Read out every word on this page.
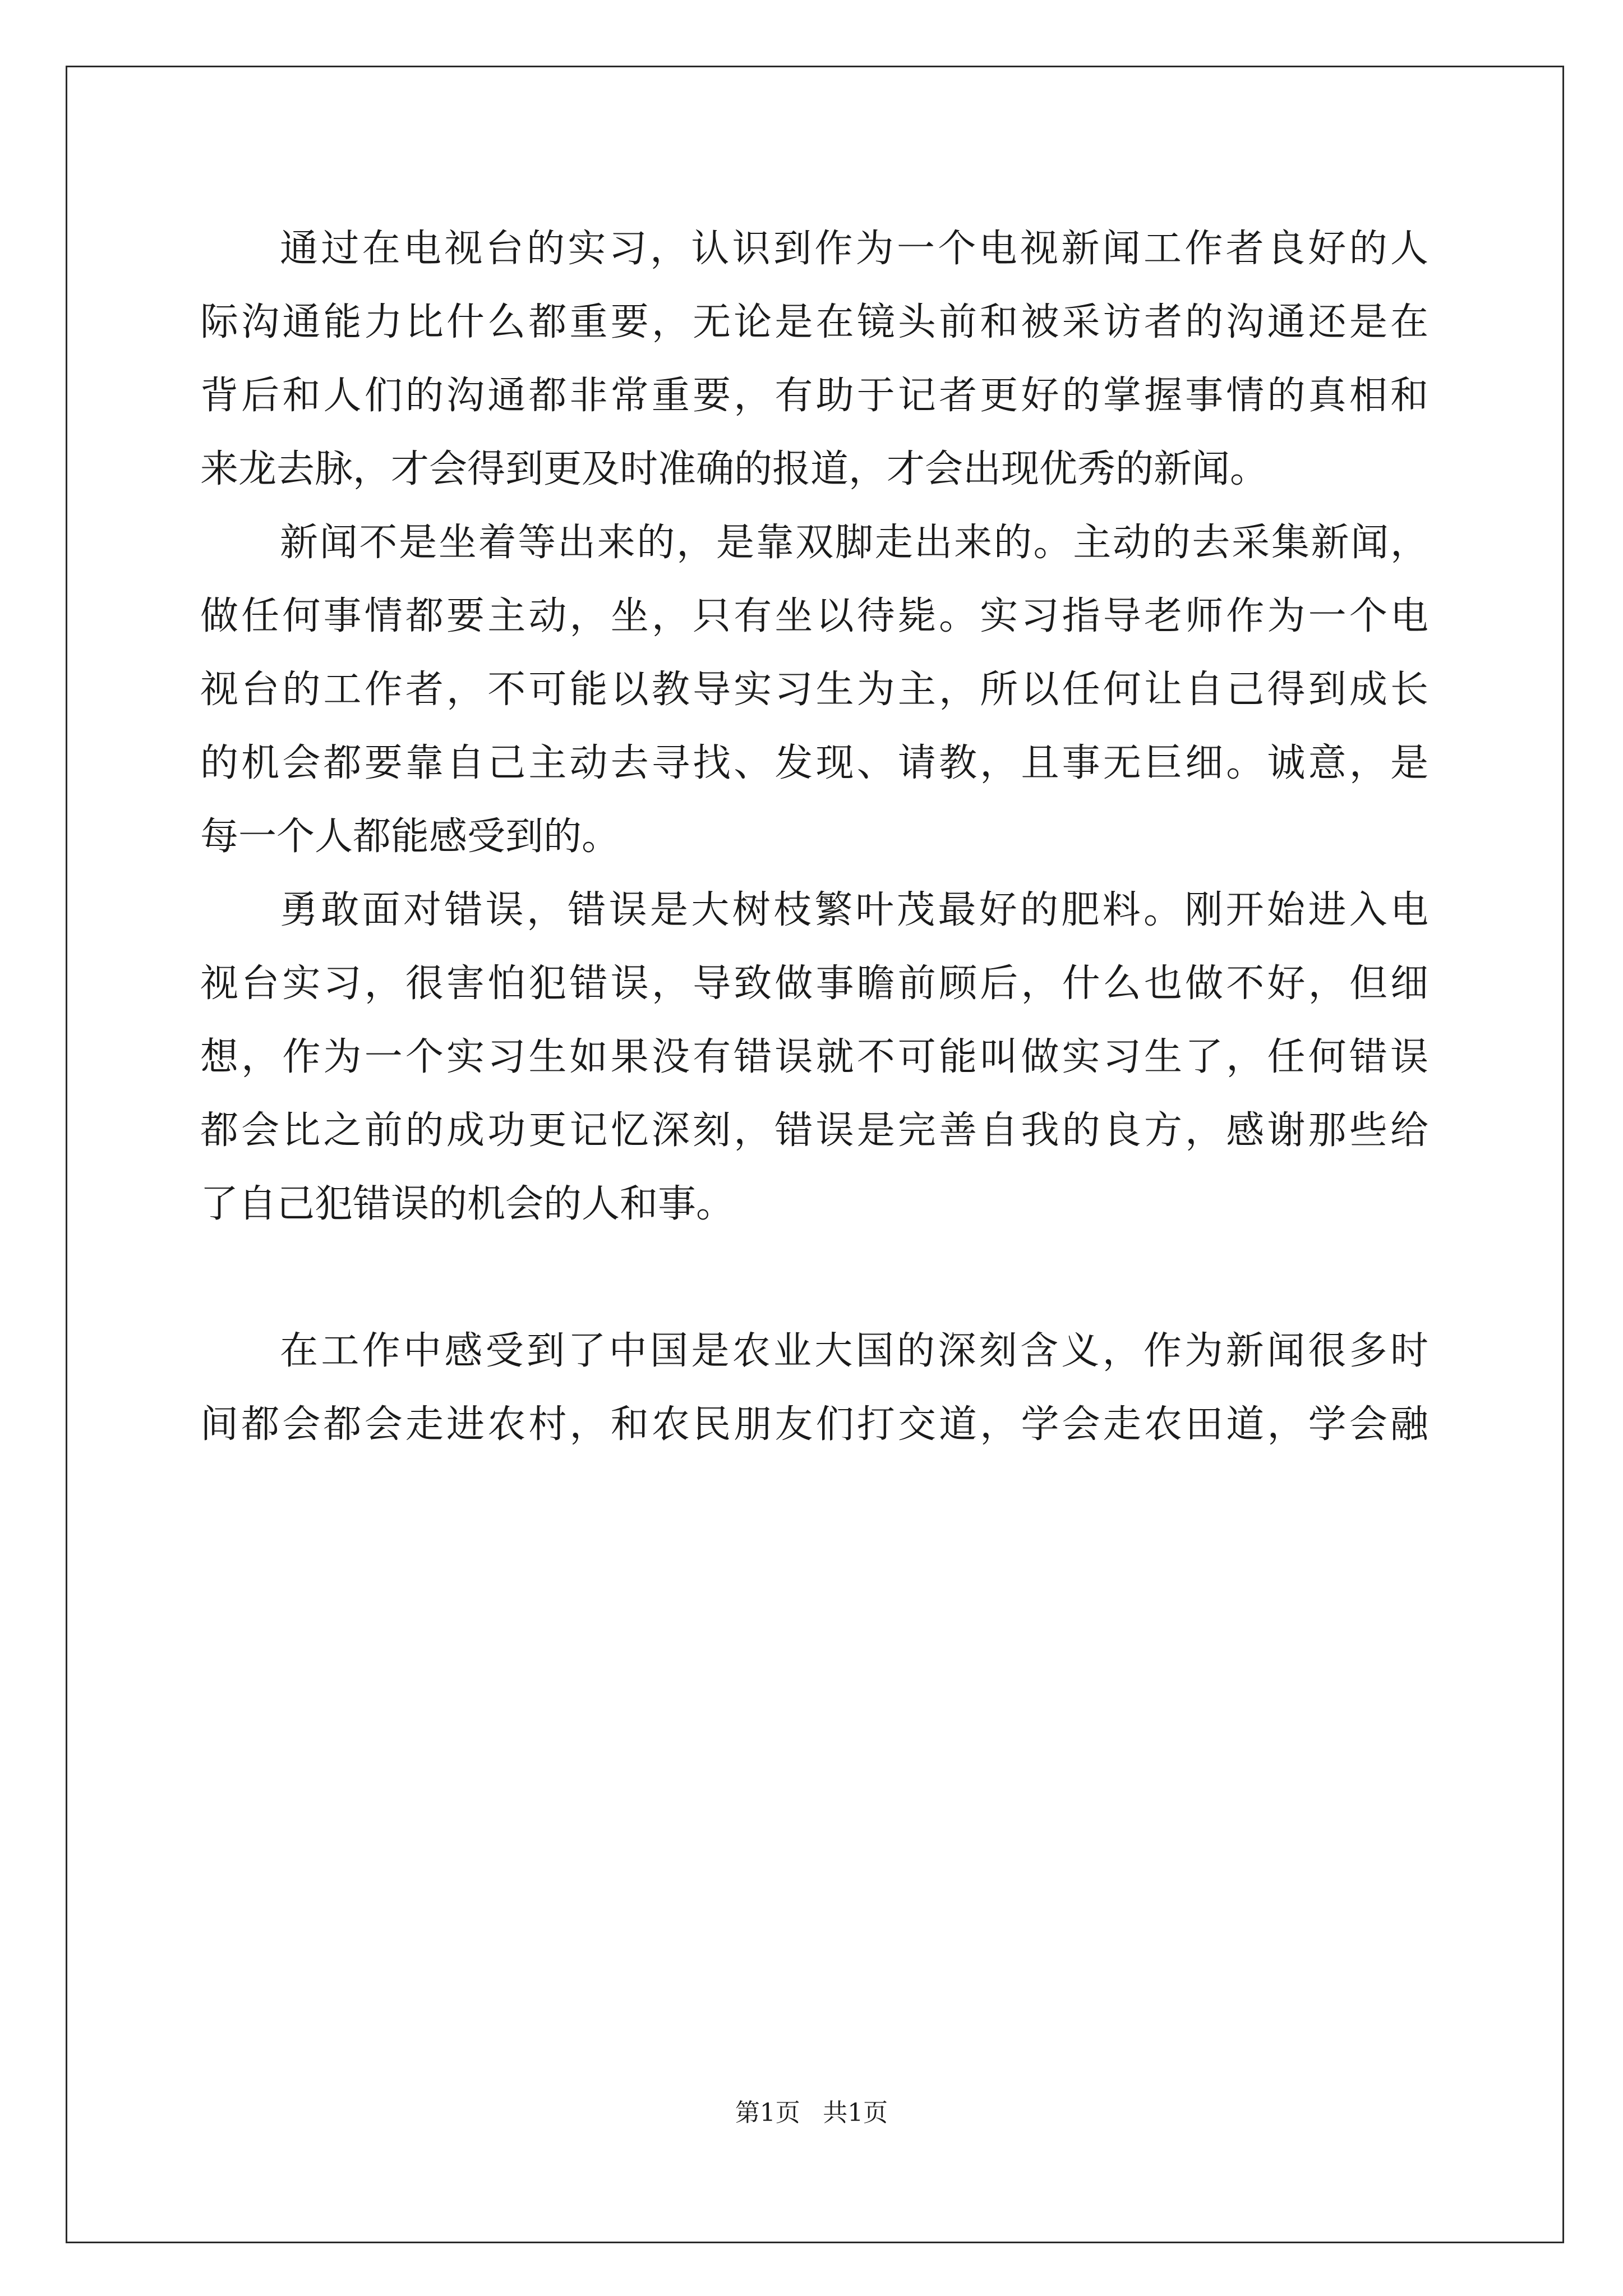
通过在电视台的实习，认识到作为一个电视新闻工作者良好的人
际沟通能力比什么都重要，无论是在镜头前和被采访者的沟通还是在
背后和人们的沟通都非常重要，有助于记者更好的掌握事情的真相和
来龙去脉，才会得到更及时准确的报道，才会出现优秀的新闻。
新闻不是坐着等出来的，是靠双脚走出来的。主动的去采集新闻，
做任何事情都要主动，坐，只有坐以待毙。实习指导老师作为一个电
视台的工作者，不可能以教导实习生为主，所以任何让自己得到成长
的机会都要靠自己主动去寻找、发现、请教，且事无巨细。诚意，是
每一个人都能感受到的。
勇敢面对错误，错误是大树枝繁叶茂最好的肥料。刚开始进入电
视台实习，很害怕犯错误，导致做事瞻前顾后，什么也做不好，但细
想，作为一个实习生如果没有错误就不可能叫做实习生了，任何错误
都会比之前的成功更记忆深刻，错误是完善自我的良方，感谢那些给
了自己犯错误的机会的人和事。
在工作中感受到了中国是农业大国的深刻含义，作为新闻很多时
间都会都会走进农村，和农民朋友们打交道，学会走农田道，学会融
第1页 共1页
